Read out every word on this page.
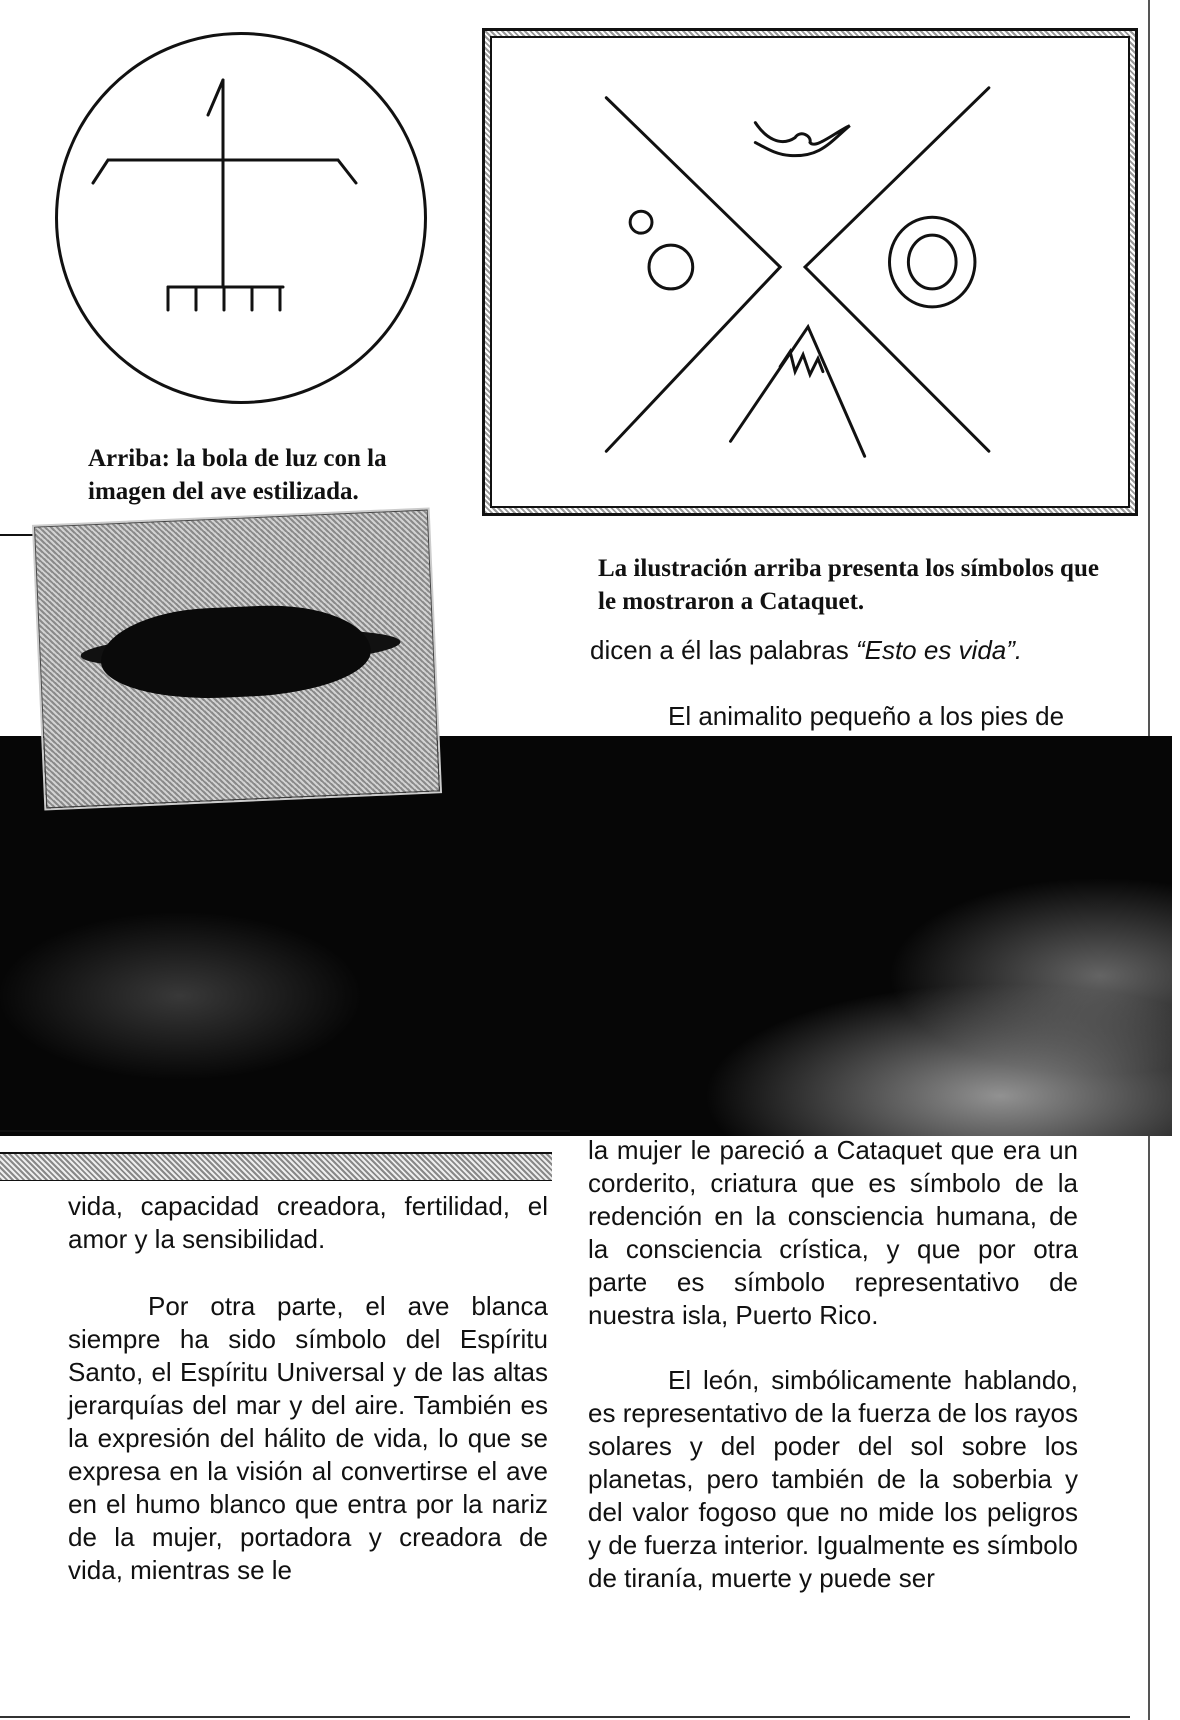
Arriba: la bola de luz con la imagen del ave estilizada.
La ilustración arriba presenta los símbolos que le mostraron a Cataquet.
dicen a él las palabras “Esto es vida”.
El animalito pequeño a los pies de
vida, capacidad creadora, fertilidad, el amor y la sensibilidad.
Por otra parte, el ave blanca siempre ha sido símbolo del Espíritu Santo, el Espíritu Universal y de las altas jerarquías del mar y del aire. También es la expresión del hálito de vida, lo que se expresa en la visión al convertirse el ave en el humo blanco que entra por la nariz de la mujer, portadora y creadora de vida, mientras se le
la mujer le pareció a Cataquet que era un corderito, criatura que es símbolo de la redención en la consciencia humana, de la consciencia crística, y que por otra parte es símbolo representativo de nuestra isla, Puerto Rico.
El león, simbólicamente hablando, es representativo de la fuerza de los rayos solares y del poder del sol sobre los planetas, pero también de la soberbia y del valor fogoso que no mide los peligros y de fuerza interior. Igualmente es símbolo de tiranía, muerte y puede ser
